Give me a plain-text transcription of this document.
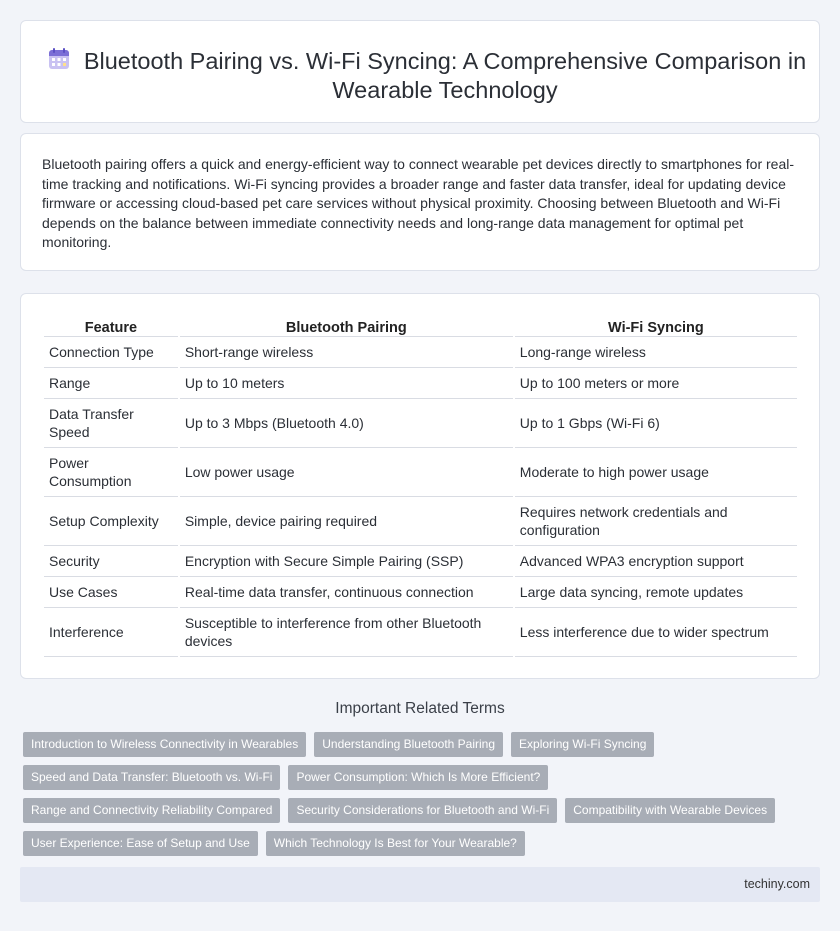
Bluetooth Pairing vs. Wi-Fi Syncing: A Comprehensive Comparison in Wearable Technology

Bluetooth pairing offers a quick and energy-efficient way to connect wearable pet devices directly to smartphones for real-time tracking and notifications. Wi-Fi syncing provides a broader range and faster data transfer, ideal for updating device firmware or accessing cloud-based pet care services without physical proximity. Choosing between Bluetooth and Wi-Fi depends on the balance between immediate connectivity needs and long-range data management for optimal pet monitoring.

Feature	Bluetooth Pairing	Wi-Fi Syncing
Connection Type	Short-range wireless	Long-range wireless
Range	Up to 10 meters	Up to 100 meters or more
Data Transfer Speed	Up to 3 Mbps (Bluetooth 4.0)	Up to 1 Gbps (Wi-Fi 6)
Power Consumption	Low power usage	Moderate to high power usage
Setup Complexity	Simple, device pairing required	Requires network credentials and configuration
Security	Encryption with Secure Simple Pairing (SSP)	Advanced WPA3 encryption support
Use Cases	Real-time data transfer, continuous connection	Large data syncing, remote updates
Interference	Susceptible to interference from other Bluetooth devices	Less interference due to wider spectrum
Important Related Terms
Introduction to Wireless Connectivity in Wearables	Understanding Bluetooth Pairing	Exploring Wi-Fi Syncing
Speed and Data Transfer: Bluetooth vs. Wi-Fi	Power Consumption: Which Is More Efficient?
Range and Connectivity Reliability Compared	Security Considerations for Bluetooth and Wi-Fi	Compatibility with Wearable Devices
User Experience: Ease of Setup and Use	Which Technology Is Best for Your Wearable?
techiny.com
